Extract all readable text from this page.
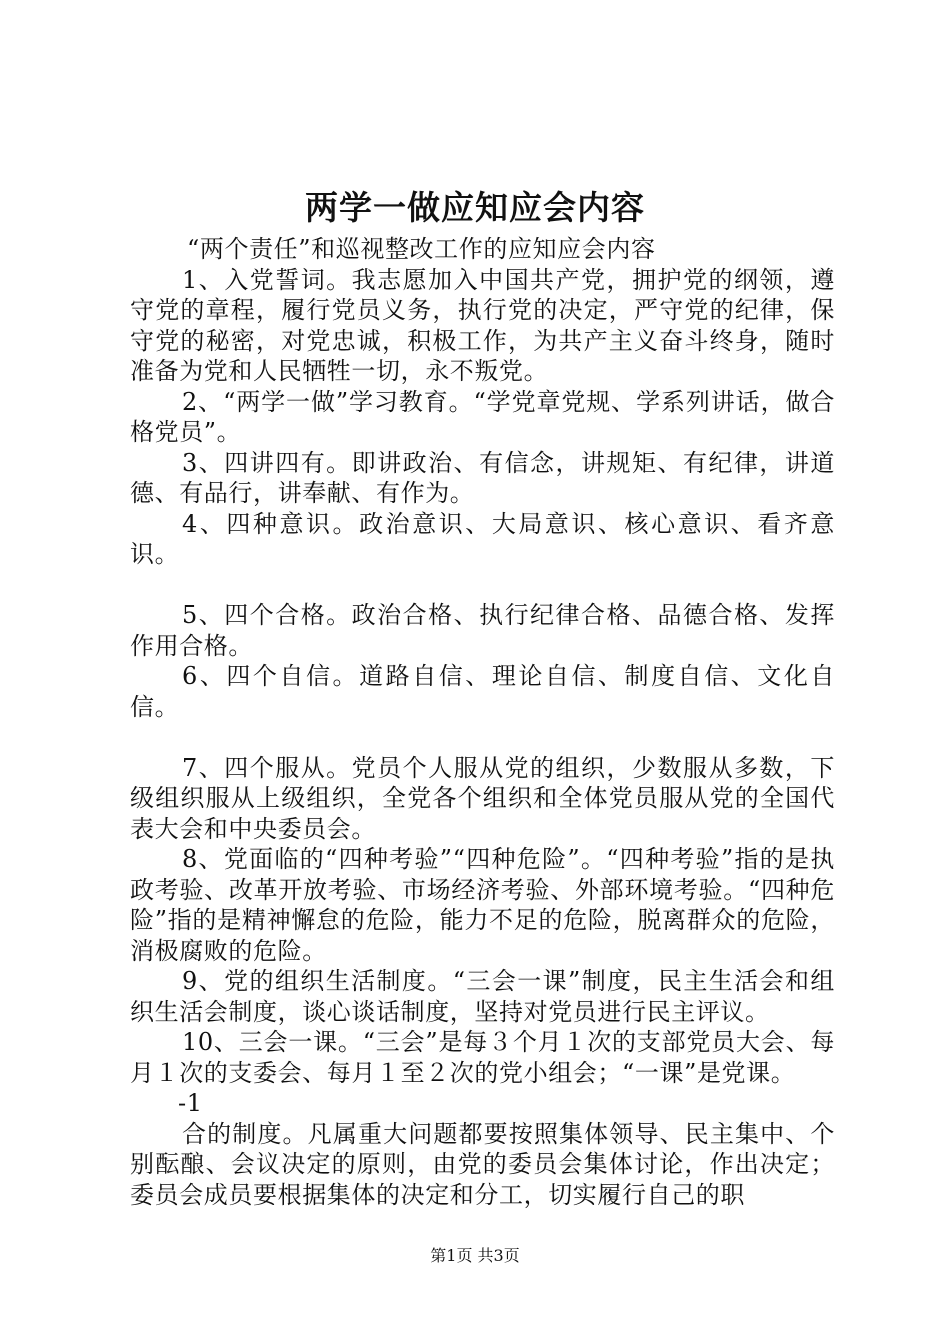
两学一做应知应会内容

“两个责任”和巡视整改工作的应知应会内容

1、入党誓词。我志愿加入中国共产党，拥护党的纲领，遵守党的章程，履行党员义务，执行党的决定，严守党的纪律，保守党的秘密，对党忠诚，积极工作，为共产主义奋斗终身，随时准备为党和人民牺牲一切，永不叛党。

2、“两学一做”学习教育。“学党章党规、学系列讲话，做合格党员”。

3、四讲四有。即讲政治、有信念，讲规矩、有纪律，讲道德、有品行，讲奉献、有作为。

4、四种意识。政治意识、大局意识、核心意识、看齐意识。

5、四个合格。政治合格、执行纪律合格、品德合格、发挥作用合格。

6、四个自信。道路自信、理论自信、制度自信、文化自信。

7、四个服从。党员个人服从党的组织，少数服从多数，下级组织服从上级组织，全党各个组织和全体党员服从党的全国代表大会和中央委员会。

8、党面临的“四种考验”“四种危险”。“四种考验”指的是执政考验、改革开放考验、市场经济考验、外部环境考验。“四种危险”指的是精神懈怠的危险，能力不足的危险，脱离群众的危险，消极腐败的危险。

9、党的组织生活制度。“三会一课”制度，民主生活会和组织生活会制度，谈心谈话制度，坚持对党员进行民主评议。

10、三会一课。“三会”是每３个月１次的支部党员大会、每月１次的支委会、每月１至２次的党小组会；“一课”是党课。

-1

合的制度。凡属重大问题都要按照集体领导、民主集中、个别酝酿、会议决定的原则，由党的委员会集体讨论，作出决定；委员会成员要根据集体的决定和分工，切实履行自己的职

第1页 共3页
